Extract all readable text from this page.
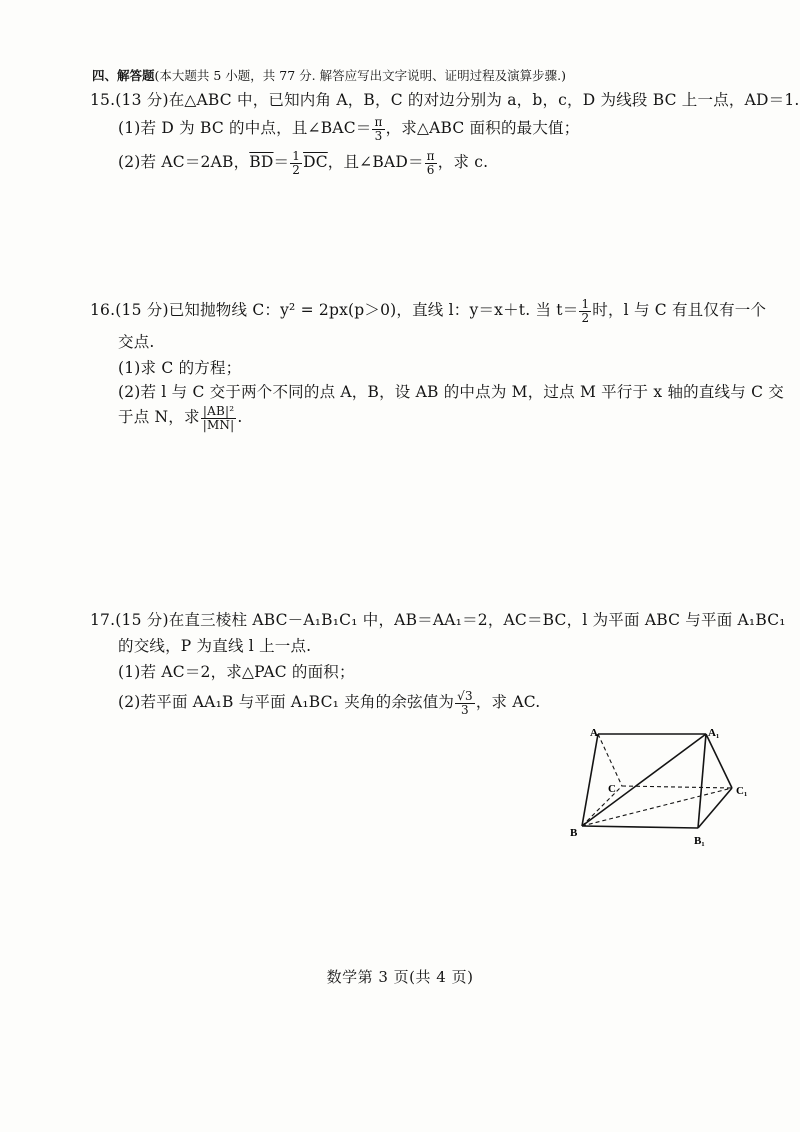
四、解答题(本大题共 5 小题，共 77 分. 解答应写出文字说明、证明过程及演算步骤.)
15.(13 分)在△ABC 中，已知内角 A，B，C 的对边分别为 a，b，c，D 为线段 BC 上一点，AD＝1.
(1)若 D 为 BC 的中点，且∠BAC＝ $\frac{\pi}{3}$ ，求△ABC 面积的最大值；
(2)若 AC＝2AB，$\overline{BD}= \frac{1}{2} \overline{DC}$，且∠BAD＝ $\frac{\pi}{6}$ ，求 c.
16.(15 分)已知抛物线 C：y² = 2px(p＞0)，直线 l：y＝x＋t. 当 $t= \frac{1}{2}$ 时，l 与 C 有且仅有一个
交点.
(1)求 C 的方程；
(2)若 l 与 C 交于两个不同的点 A，B，设 AB 的中点为 M，过点 M 平行于 x 轴的直线与 C 交
于点 N，求 $\frac{\text{|AB|²}}{|MN|}$ .
17.(15 分)在直三棱柱 ABC－A₁B₁C₁ 中，AB＝AA₁＝2，AC＝BC，l 为平面 ABC 与平面 A₁BC₁
的交线，P 为直线 l 上一点.
(1)若 AC＝2，求△PAC 的面积；
(2)若平面 AA₁B 与平面 A₁BC₁ 夹角的余弦值为 $\frac{√3}{3}$ ，求 AC.
A	A₁
C	C₁
B
B₁
数学第 3 页(共 4 页)
